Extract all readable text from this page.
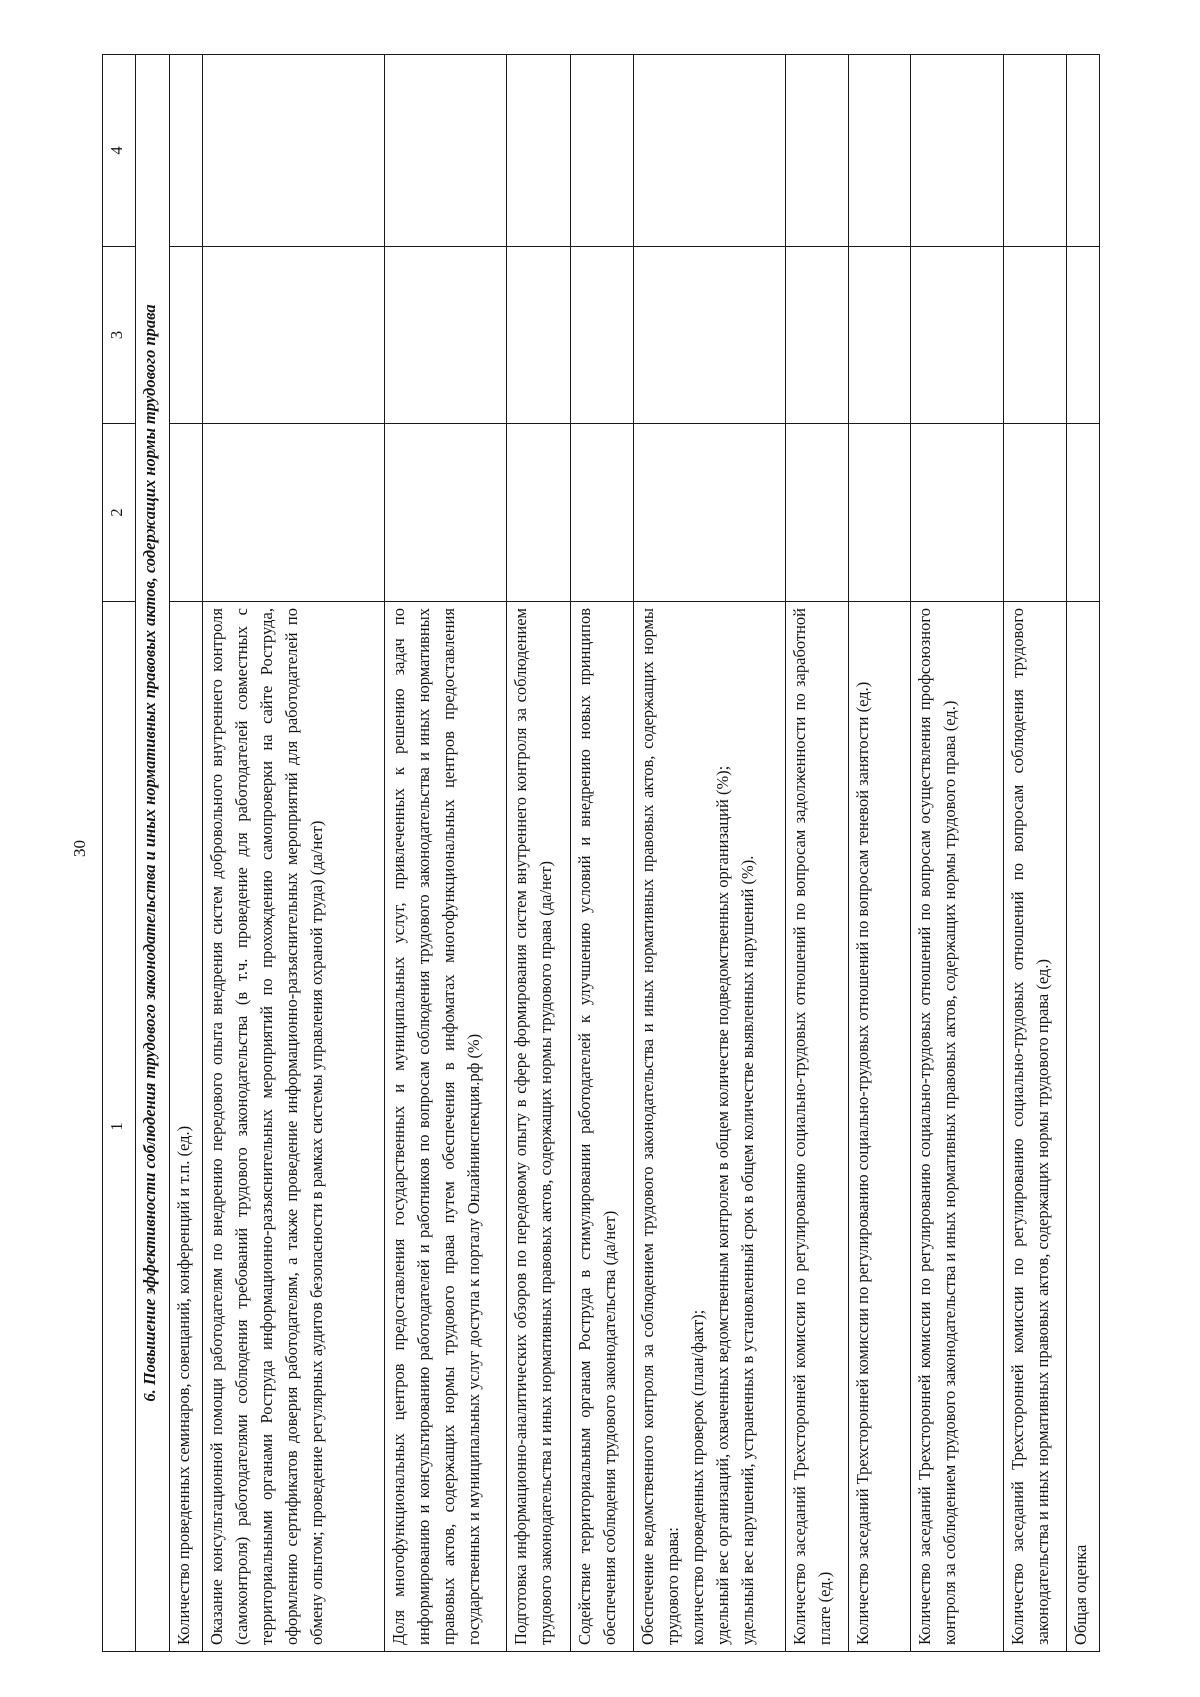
30
1	2	3	4
6. Повышение эффективности соблюдения трудового законодательства и иных нормативных правовых актов, содержащих нормы трудового права			
Количество проведенных семинаров, совещаний, конференций и т.п. (ед.)			
Оказание консультационной помощи работодателям по внедрению передового опыта внедрения систем добровольного внутреннего контроля (самоконтроля) работодателями соблюдения требований трудового законодательства (в т.ч. проведение для работодателей совместных с территориальными органами Роструда информационно-разъяснительных мероприятий по прохождению самопроверки на сайте Роструда, оформлению сертификатов доверия работодателям, а также проведение информационно-разъяснительных мероприятий для работодателей по обмену опытом; проведение регулярных аудитов безопасности в рамках системы управления охраной труда) (да/нет)			
Доля многофункциональных центров предоставления государственных и муниципальных услуг, привлеченных к решению задач по информированию и консультированию работодателей и работников по вопросам соблюдения трудового законодательства и иных нормативных правовых актов, содержащих нормы трудового права путем обеспечения в инфоматах многофункциональных центров предоставления государственных и муниципальных услуг доступа к порталу Онлайнинспекция.рф (%)			
Подготовка информационно-аналитических обзоров по передовому опыту в сфере формирования систем внутреннего контроля за соблюдением трудового законодательства и иных нормативных правовых актов, содержащих нормы трудового права (да/нет)			
Содействие территориальным органам Роструда в стимулировании работодателей к улучшению условий и внедрению новых принципов обеспечения соблюдения трудового законодательства (да/нет)			

Обеспечение ведомственного контроля за соблюдением трудового законодательства и иных нормативных правовых актов, содержащих нормы трудового права: количество проведенных проверок (план/факт); удельный вес организаций, охваченных ведомственным контролем в общем количестве подведомственных организаций (%); удельный вес нарушений, устраненных в установленный срок в общем количестве выявленных нарушений (%).			

Количество заседаний Трехсторонней комиссии по регулированию социально-трудовых отношений по вопросам задолженности по заработной плате (ед.)			
Количество заседаний Трехсторонней комиссии по регулированию социально-трудовых отношений по вопросам теневой занятости (ед.)			
Количество заседаний Трехсторонней комиссии по регулированию социально-трудовых отношений по вопросам осуществления профсоюзного контроля за соблюдением трудового законодательства и иных нормативных правовых актов, содержащих нормы трудового права (ед.)			
Количество заседаний Трехсторонней комиссии по регулированию социально-трудовых отношений по вопросам соблюдения трудового законодательства и иных нормативных правовых актов, содержащих нормы трудового права (ед.)			
Общая оценка			
